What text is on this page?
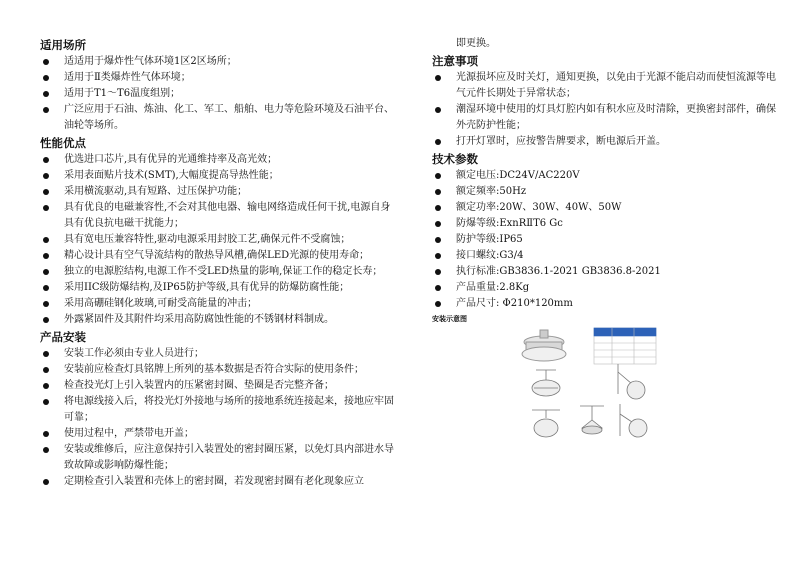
适用场所
适适用于爆炸性气体环境1区2区场所；
适用于Ⅱ类爆炸性气体环境；
适用于T1～T6温度组别；
广泛应用于石油、炼油、化工、军工、船舶、电力等危险环境及石油平台、油轮等场所。
性能优点
优选进口芯片,具有优异的光通维持率及高光效；
采用表面贴片技术(SMT),大幅度提高导热性能；
采用横流驱动,具有短路、过压保护功能；
具有优良的电磁兼容性,不会对其他电器、输电网络造成任何干扰,电源自身具有优良抗电磁干扰能力；
具有宽电压兼容特性,驱动电源采用封胶工艺,确保元件不受腐蚀；
精心设计具有空气导流结构的散热导风槽,确保LED光源的使用寿命；
独立的电源腔结构,电源工作不受LED热量的影响,保证工作的稳定长寿；
采用IIC级防爆结构,及IP65防护等级,具有优异的防爆防腐性能；
采用高硼硅钢化玻璃,可耐受高能量的冲击；
外露紧固件及其附件均采用高防腐蚀性能的不锈钢材料制成。
产品安装
安装工作必须由专业人员进行；
安装前应检查灯具铭牌上所列的基本数据是否符合实际的使用条件；
检查投光灯上引入装置内的压紧密封圈、垫圈是否完整齐备；
将电源线接入后，将投光灯外接地与场所的接地系统连接起来，接地应牢固可靠；
使用过程中，严禁带电开盖；
安装或维修后，应注意保持引入装置处的密封圈压紧，以免灯具内部进水导致故障或影响防爆性能；
定期检查引入装置和壳体上的密封圈，若发现密封圈有老化现象应立
即更换。
注意事项
光源损坏应及时关灯，通知更换，以免由于光源不能启动而使恒流源等电气元件长期处于异常状态；
潮湿环境中使用的灯具灯腔内如有积水应及时清除，更换密封部件，确保外壳防护性能；
打开灯罩时，应按警告牌要求，断电源后开盖。
技术参数
额定电压:DC24V/AC220V
额定频率:50Hz
额定功率:20W、30W、40W、50W
防爆等级:ExnRⅡT6 Gc
防护等级:IP65
接口螺纹:G3/4
执行标准:GB3836.1-2021 GB3836.8-2021
产品重量:2.8Kg
产品尺寸: Φ210*120mm
安装示意图
